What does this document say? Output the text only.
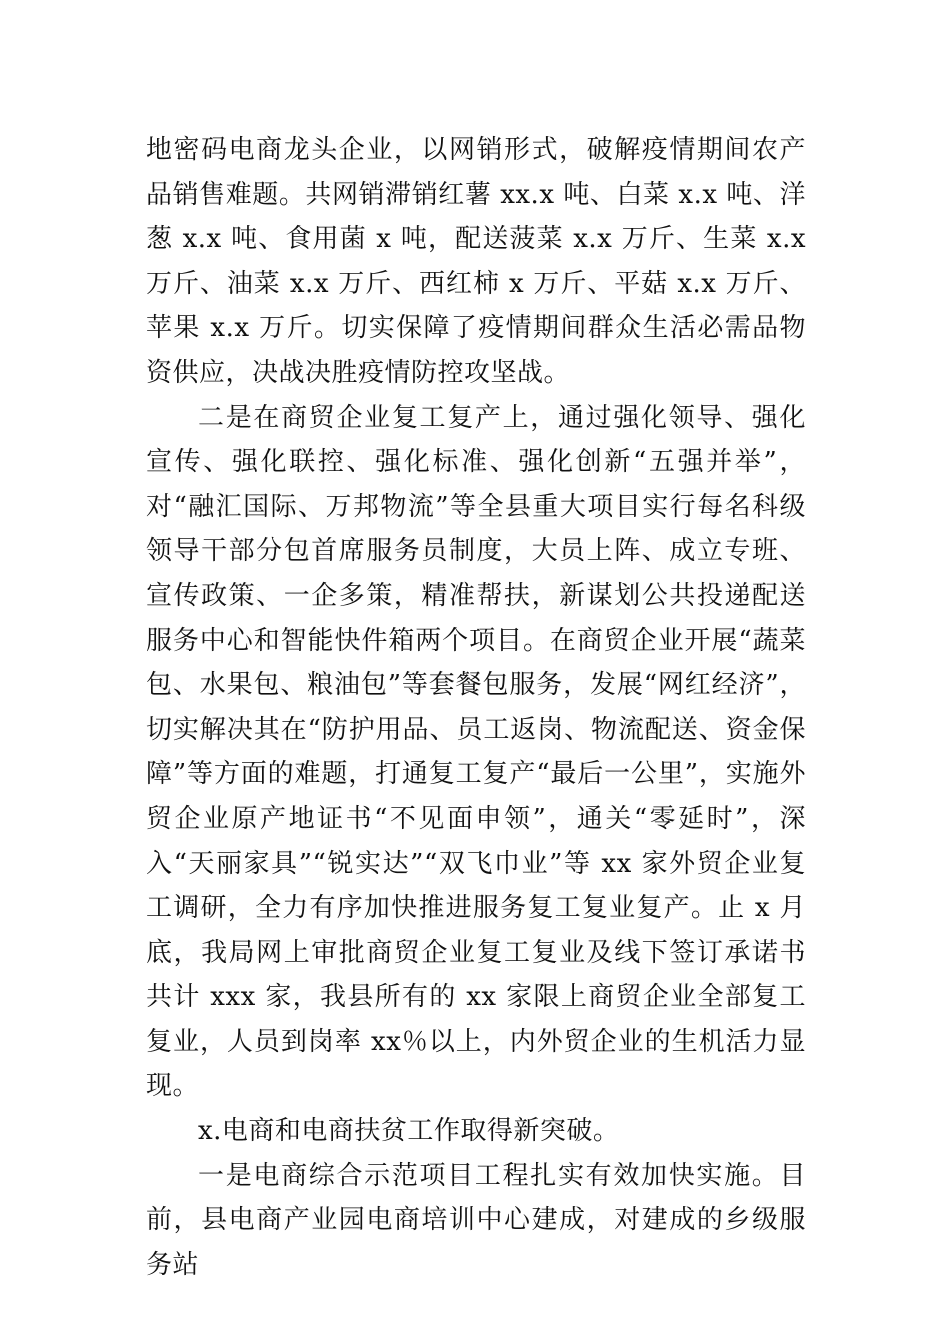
地密码电商龙头企业，以网销形式，破解疫情期间农产品销售难题。共网销滞销红薯 xx.x 吨、白菜 x.x 吨、洋葱 x.x 吨、食用菌 x 吨，配送菠菜 x.x 万斤、生菜 x.x 万斤、油菜 x.x 万斤、西红柿 x 万斤、平菇 x.x 万斤、苹果 x.x 万斤。切实保障了疫情期间群众生活必需品物资供应，决战决胜疫情防控攻坚战。

二是在商贸企业复工复产上，通过强化领导、强化宣传、强化联控、强化标准、强化创新“五强并举”，对“融汇国际、万邦物流”等全县重大项目实行每名科级领导干部分包首席服务员制度，大员上阵、成立专班、宣传政策、一企多策，精准帮扶，新谋划公共投递配送服务中心和智能快件箱两个项目。在商贸企业开展“蔬菜包、水果包、粮油包”等套餐包服务，发展“网红经济”，切实解决其在“防护用品、员工返岗、物流配送、资金保障”等方面的难题，打通复工复产“最后一公里”，实施外贸企业原产地证书“不见面申领”，通关“零延时”，深入“天丽家具”“锐实达”“双飞巾业”等 xx 家外贸企业复工调研，全力有序加快推进服务复工复业复产。止 x 月底，我局网上审批商贸企业复工复业及线下签订承诺书共计 xxx 家，我县所有的 xx 家限上商贸企业全部复工复业，人员到岗率 xx％以上，内外贸企业的生机活力显现。

x.电商和电商扶贫工作取得新突破。

一是电商综合示范项目工程扎实有效加快实施。目前，县电商产业园电商培训中心建成，对建成的乡级服务站
